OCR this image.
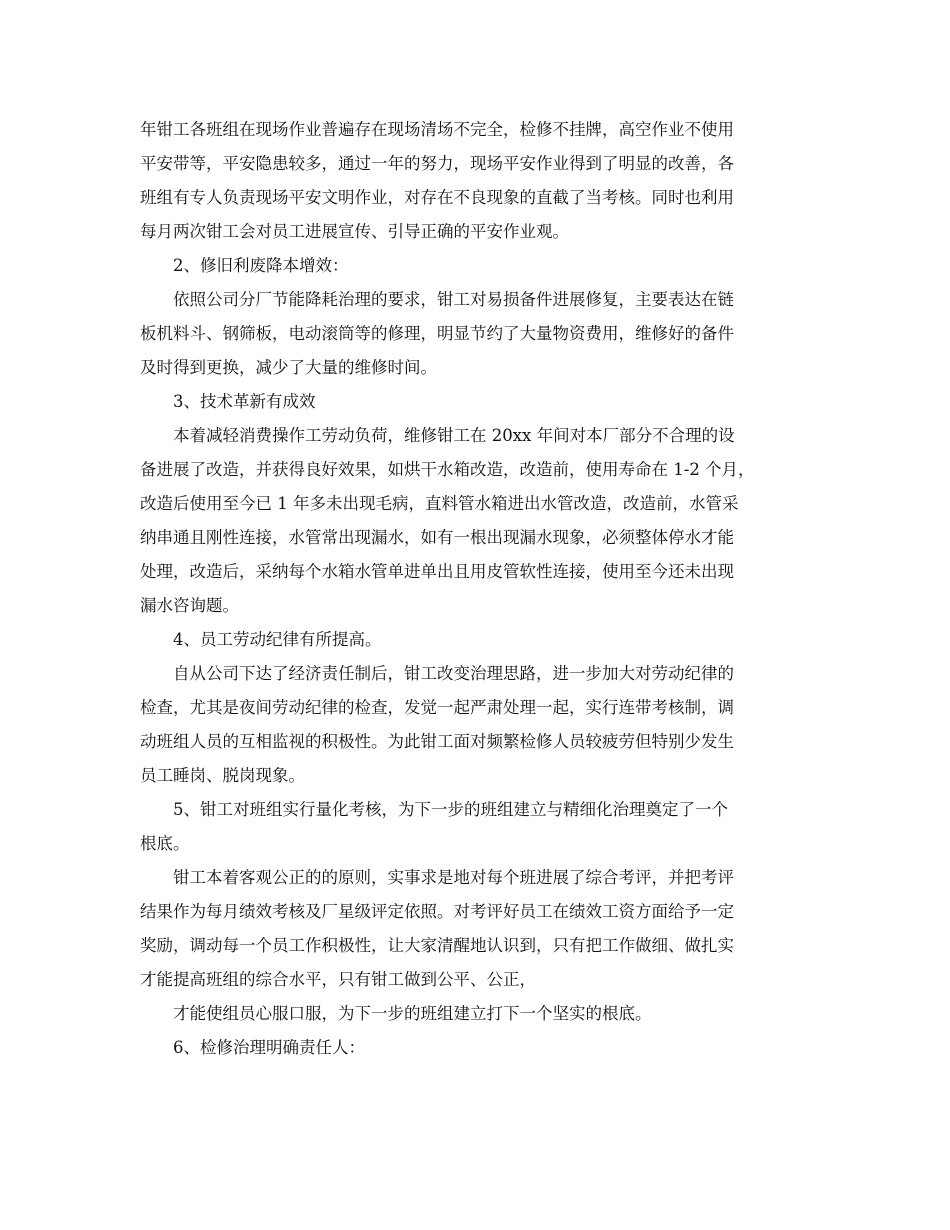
年钳工各班组在现场作业普遍存在现场清场不完全，检修不挂牌，高空作业不使用
平安带等，平安隐患较多，通过一年的努力，现场平安作业得到了明显的改善，各
班组有专人负责现场平安文明作业，对存在不良现象的直截了当考核。同时也利用
每月两次钳工会对员工进展宣传、引导正确的平安作业观。
2、修旧利废降本增效：
依照公司分厂节能降耗治理的要求，钳工对易损备件进展修复，主要表达在链
板机料斗、钢筛板，电动滚筒等的修理，明显节约了大量物资费用，维修好的备件
及时得到更换，减少了大量的维修时间。
3、技术革新有成效
本着减轻消费操作工劳动负荷，维修钳工在 20xx 年间对本厂部分不合理的设
备进展了改造，并获得良好效果，如烘干水箱改造，改造前，使用寿命在 1-2 个月，
改造后使用至今已 1 年多未出现毛病，直料管水箱进出水管改造，改造前，水管采
纳串通且刚性连接，水管常出现漏水，如有一根出现漏水现象，必须整体停水才能
处理，改造后，采纳每个水箱水管单进单出且用皮管软性连接，使用至今还未出现
漏水咨询题。
4、员工劳动纪律有所提高。
自从公司下达了经济责任制后，钳工改变治理思路，进一步加大对劳动纪律的
检查，尤其是夜间劳动纪律的检查，发觉一起严肃处理一起，实行连带考核制，调
动班组人员的互相监视的积极性。为此钳工面对频繁检修人员较疲劳但特别少发生
员工睡岗、脱岗现象。
5、钳工对班组实行量化考核，为下一步的班组建立与精细化治理奠定了一个
根底。
钳工本着客观公正的的原则，实事求是地对每个班进展了综合考评，并把考评
结果作为每月绩效考核及厂星级评定依照。对考评好员工在绩效工资方面给予一定
奖励，调动每一个员工作积极性，让大家清醒地认识到，只有把工作做细、做扎实
才能提高班组的综合水平，只有钳工做到公平、公正，
才能使组员心服口服，为下一步的班组建立打下一个坚实的根底。
6、检修治理明确责任人：
